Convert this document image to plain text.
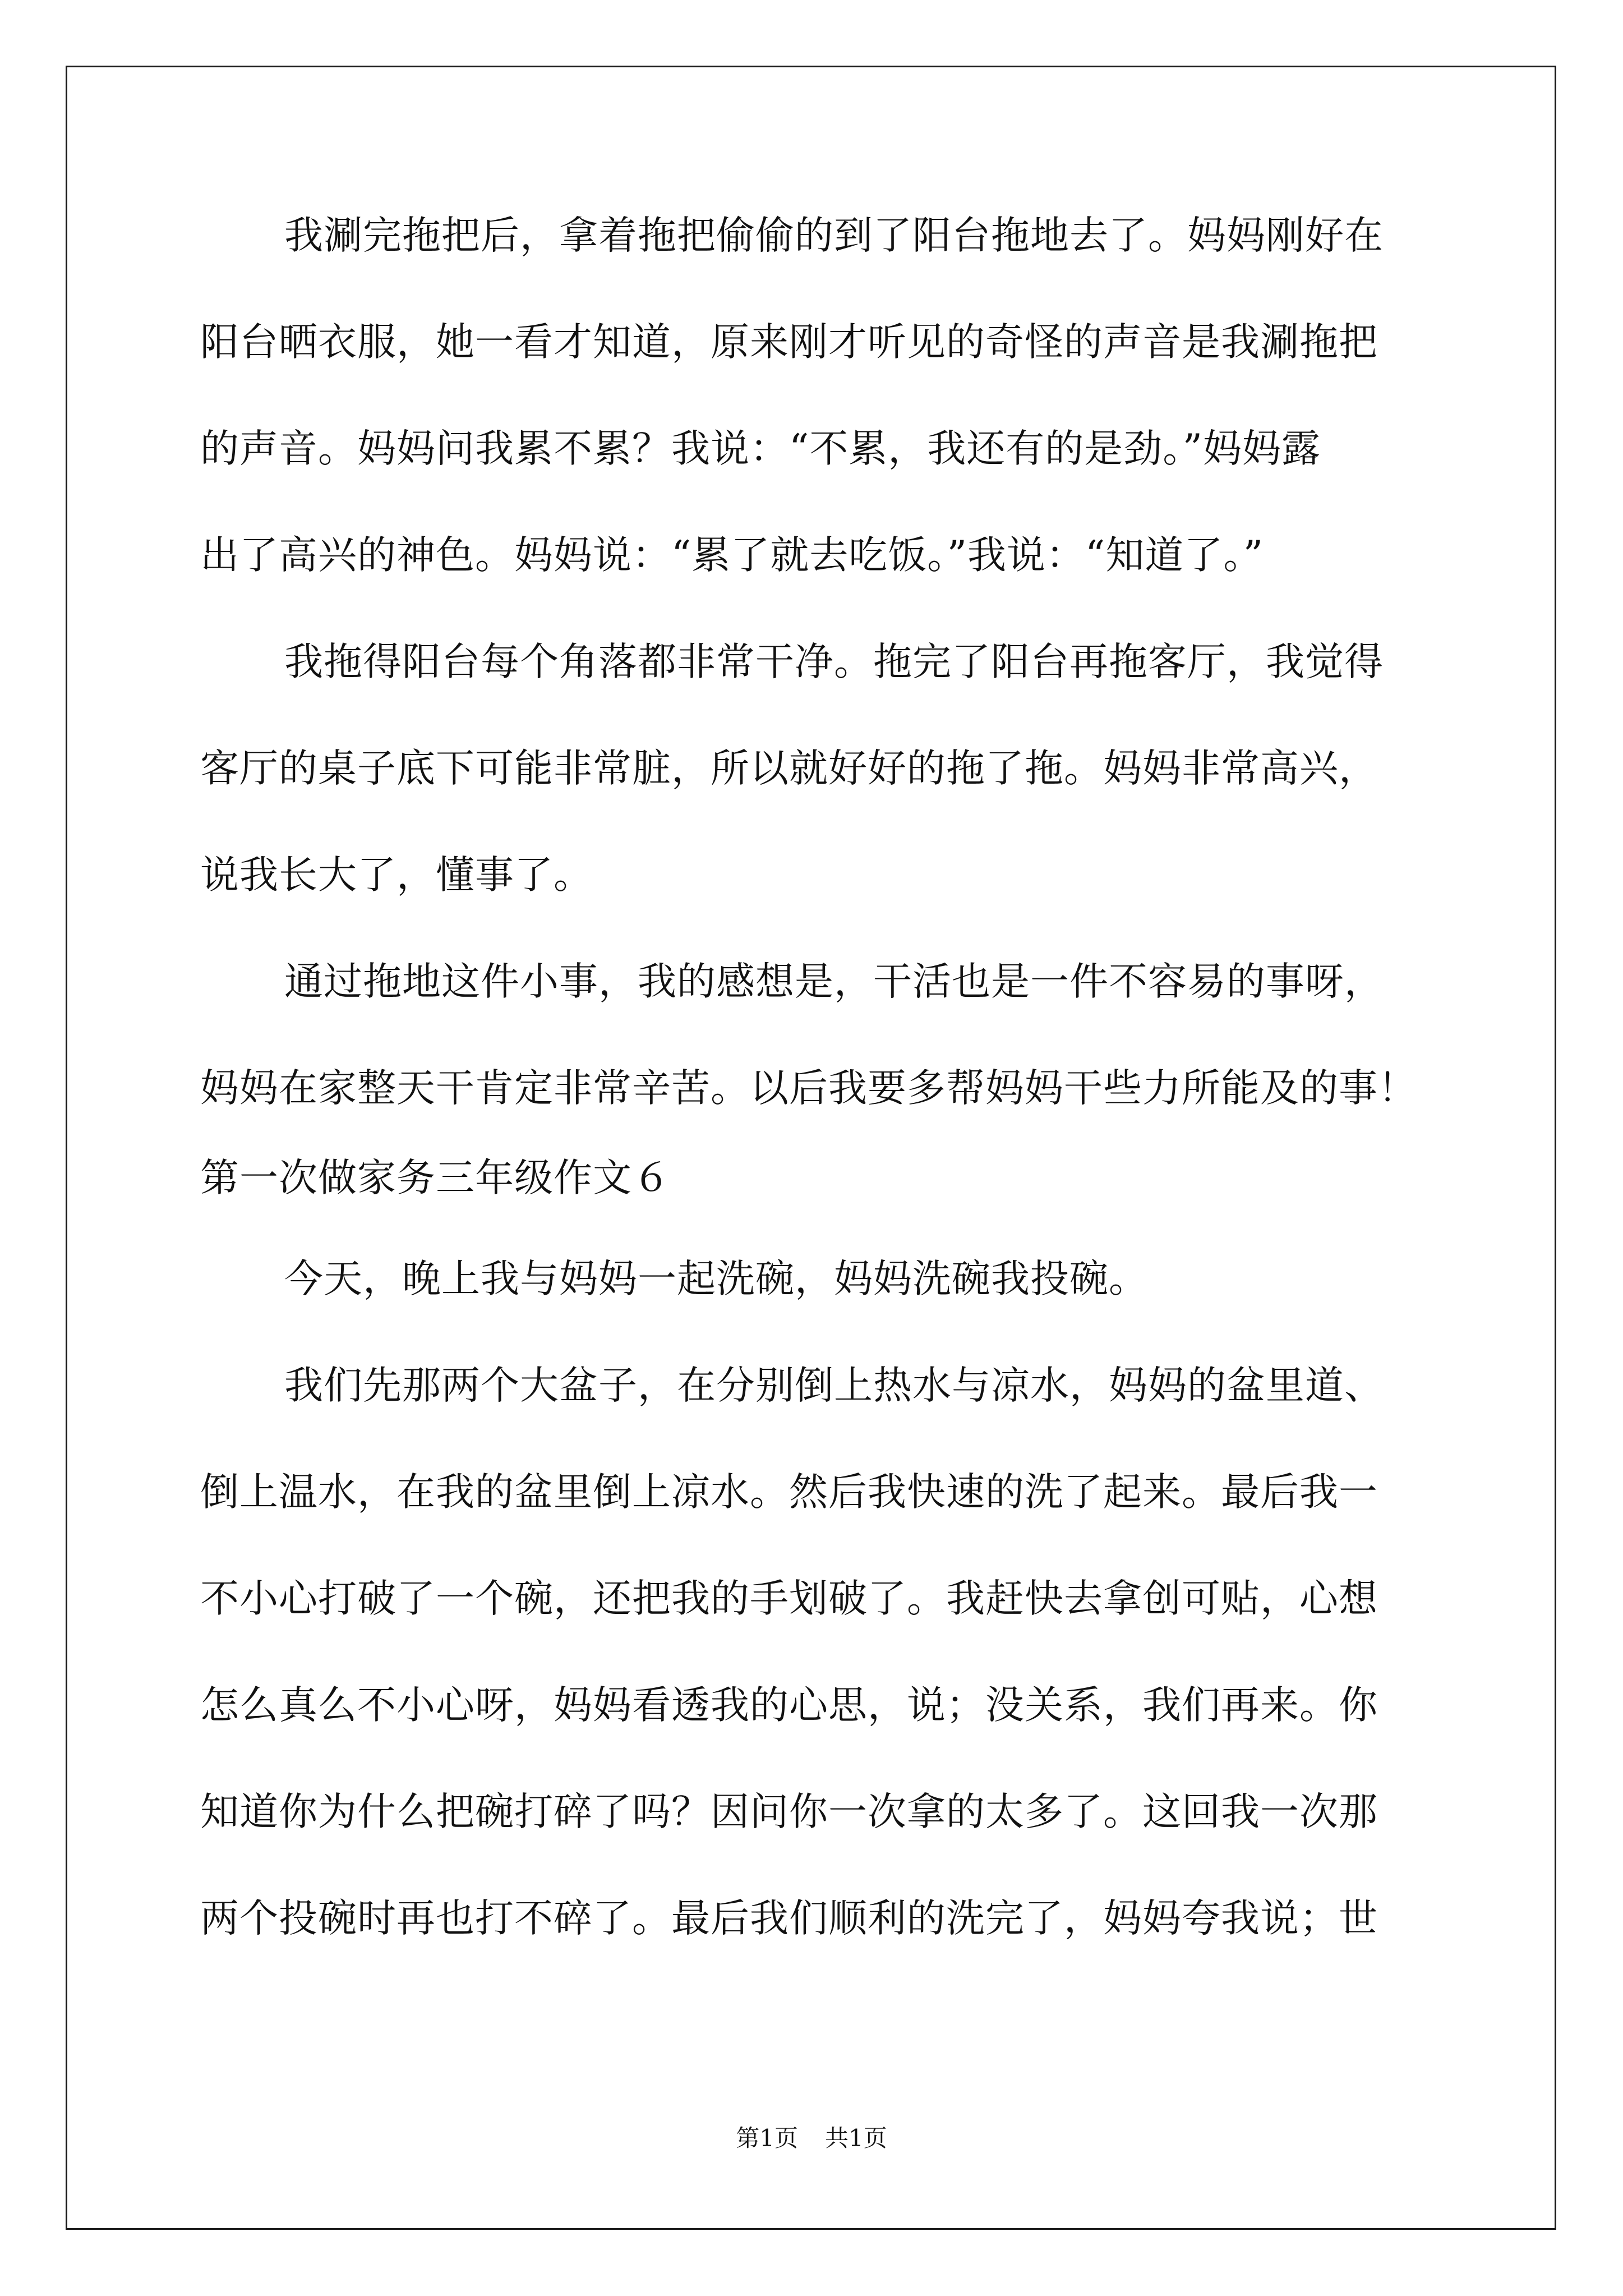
我涮完拖把后，拿着拖把偷偷的到了阳台拖地去了。妈妈刚好在
阳台晒衣服，她一看才知道，原来刚才听见的奇怪的声音是我涮拖把
的声音。妈妈问我累不累？我说：“不累，我还有的是劲。”妈妈露
出了高兴的神色。妈妈说：“累了就去吃饭。”我说：“知道了。”
我拖得阳台每个角落都非常干净。拖完了阳台再拖客厅，我觉得
客厅的桌子底下可能非常脏，所以就好好的拖了拖。妈妈非常高兴，
说我长大了，懂事了。
通过拖地这件小事，我的感想是，干活也是一件不容易的事呀，
妈妈在家整天干肯定非常辛苦。以后我要多帮妈妈干些力所能及的事！
第一次做家务三年级作文６
今天，晚上我与妈妈一起洗碗，妈妈洗碗我投碗。
我们先那两个大盆子，在分别倒上热水与凉水，妈妈的盆里道、
倒上温水，在我的盆里倒上凉水。然后我快速的洗了起来。最后我一
不小心打破了一个碗，还把我的手划破了。我赶快去拿创可贴，心想
怎么真么不小心呀，妈妈看透我的心思，说；没关系，我们再来。你
知道你为什么把碗打碎了吗？因问你一次拿的太多了。这回我一次那
两个投碗时再也打不碎了。最后我们顺利的洗完了，妈妈夸我说；世
第1页 共1页
